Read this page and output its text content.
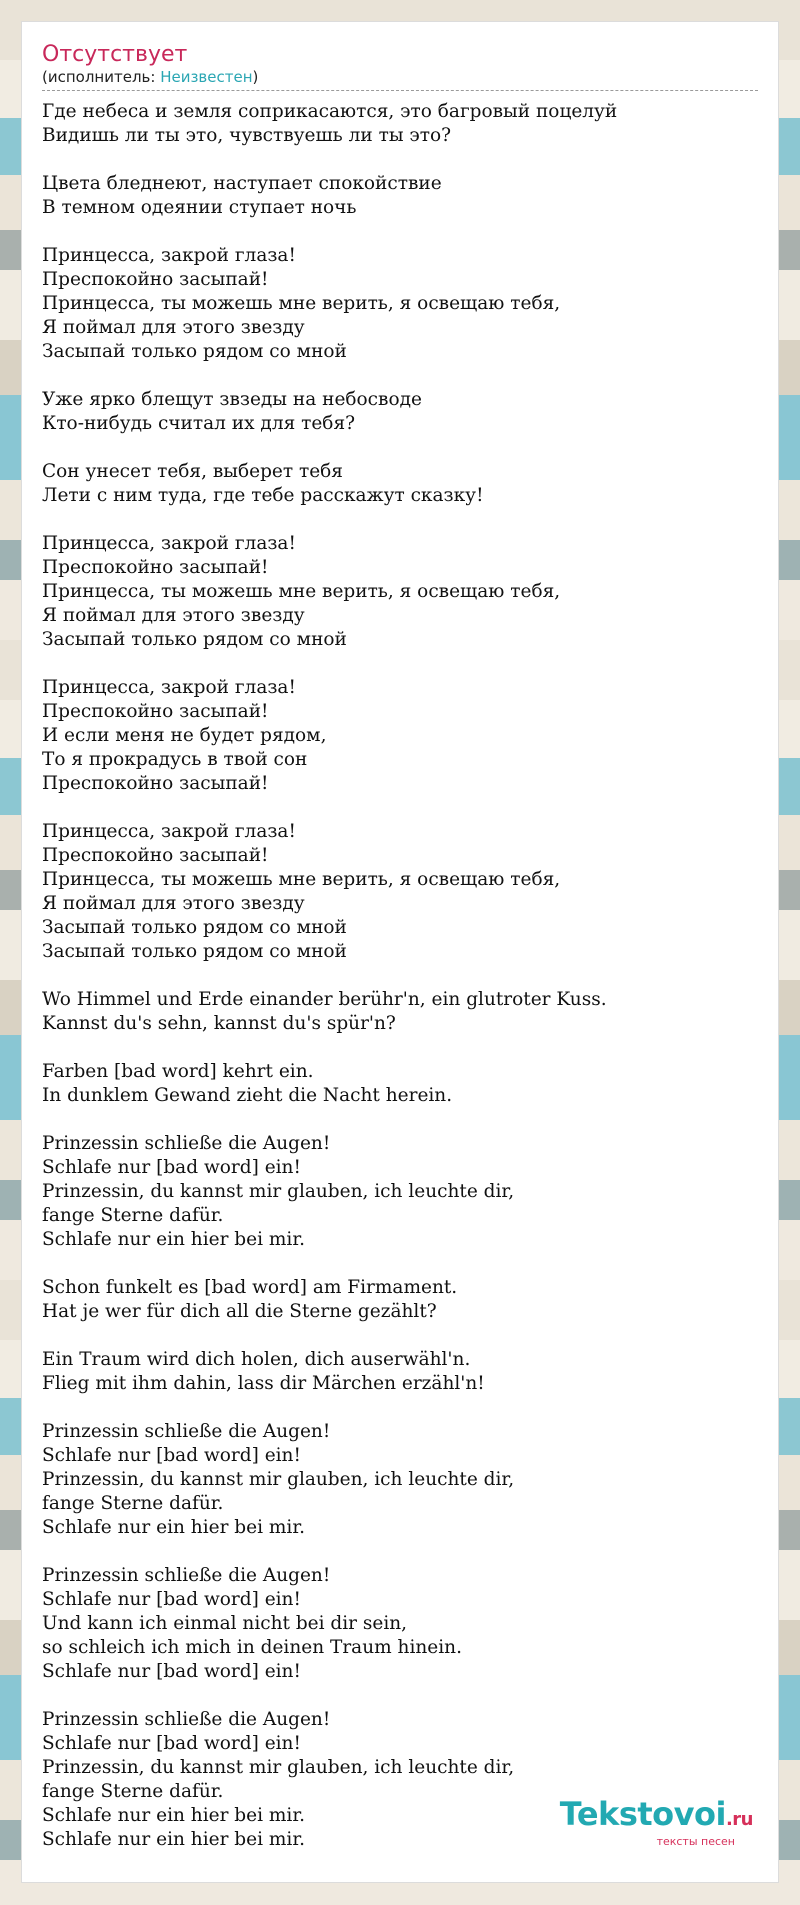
Отсутствует
(исполнитель: Неизвестен)
Где небеса и земля соприкасаются, это багровый поцелуй
Видишь ли ты это, чувствуешь ли ты это?
Цвета бледнеют, наступает спокойствие
В темном одеянии ступает ночь
Принцесса, закрой глаза!
Преспокойно засыпай!
Принцесса, ты можешь мне верить, я освещаю тебя,
Я поймал для этого звезду
Засыпай только рядом со мной
Уже ярко блещут звзеды на небосводе
Кто-нибудь считал их для тебя?
Сон унесет тебя, выберет тебя
Лети с ним туда, где тебе расскажут сказку!
Принцесса, закрой глаза!
Преспокойно засыпай!
Принцесса, ты можешь мне верить, я освещаю тебя,
Я поймал для этого звезду
Засыпай только рядом со мной
Принцесса, закрой глаза!
Преспокойно засыпай!
И если меня не будет рядом,
То я прокрадусь в твой сон
Преспокойно засыпай!
Принцесса, закрой глаза!
Преспокойно засыпай!
Принцесса, ты можешь мне верить, я освещаю тебя,
Я поймал для этого звезду
Засыпай только рядом со мной
Засыпай только рядом со мной
Wo Himmel und Erde einander berühr'n, ein glutroter Kuss.
Kannst du's sehn, kannst du's spür'n?
Farben [bad word] kehrt ein.
In dunklem Gewand zieht die Nacht herein.
Prinzessin schließe die Augen!
Schlafe nur [bad word] ein!
Prinzessin, du kannst mir glauben, ich leuchte dir,
fange Sterne dafür.
Schlafe nur ein hier bei mir.
Schon funkelt es [bad word] am Firmament.
Hat je wer für dich all die Sterne gezählt?
Ein Traum wird dich holen, dich auserwähl'n.
Flieg mit ihm dahin, lass dir Märchen erzähl'n!
Prinzessin schließe die Augen!
Schlafe nur [bad word] ein!
Prinzessin, du kannst mir glauben, ich leuchte dir,
fange Sterne dafür.
Schlafe nur ein hier bei mir.
Prinzessin schließe die Augen!
Schlafe nur [bad word] ein!
Und kann ich einmal nicht bei dir sein,
so schleich ich mich in deinen Traum hinein.
Schlafe nur [bad word] ein!
Prinzessin schließe die Augen!
Schlafe nur [bad word] ein!
Prinzessin, du kannst mir glauben, ich leuchte dir,
fange Sterne dafür.
Schlafe nur ein hier bei mir.
Schlafe nur ein hier bei mir.
Tekstovoi.ru
тексты песен
